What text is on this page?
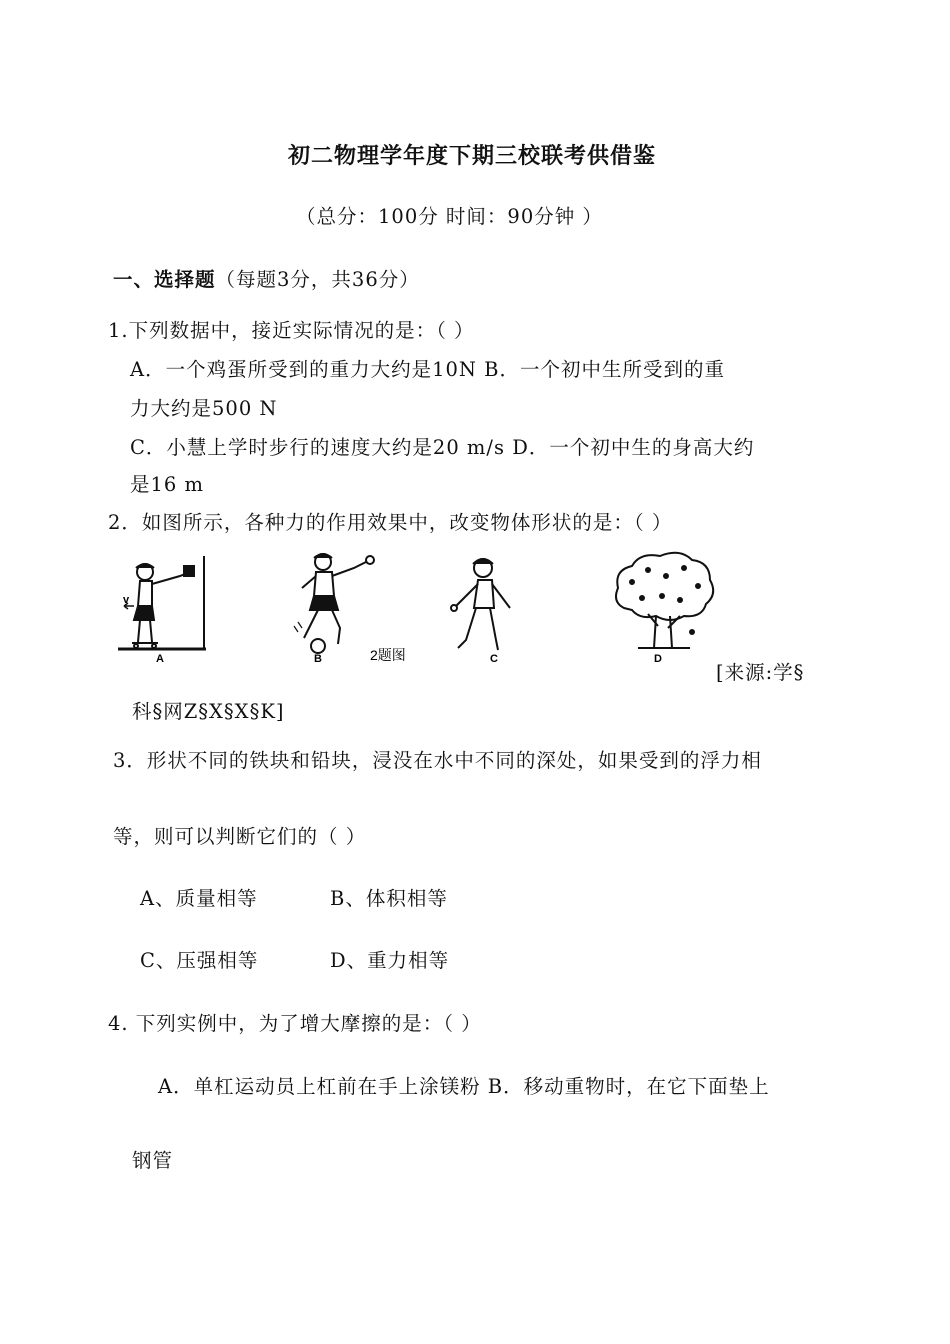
初二物理学年度下期三校联考供借鉴
（总分：100分 时间：90分钟 ）
一、选择题（每题3分，共36分）
1.下列数据中，接近实际情况的是：（ ）
A．一个鸡蛋所受到的重力大约是10N B．一个初中生所受到的重
力大约是500 N
C．小慧上学时步行的速度大约是20 m/s D．一个初中生的身高大约
是16 m
2．如图所示，各种力的作用效果中，改变物体形状的是：（ ）
v
A	B	2题图	C	D
[来源:学§
科§网Z§X§X§K]
3．形状不同的铁块和铅块，浸没在水中不同的深处，如果受到的浮力相
等，则可以判断它们的（ ）
A、质量相等	B、体积相等
C、压强相等	D、重力相等
4. 下列实例中，为了增大摩擦的是：（ ）
A．单杠运动员上杠前在手上涂镁粉 B．移动重物时，在它下面垫上
钢管
